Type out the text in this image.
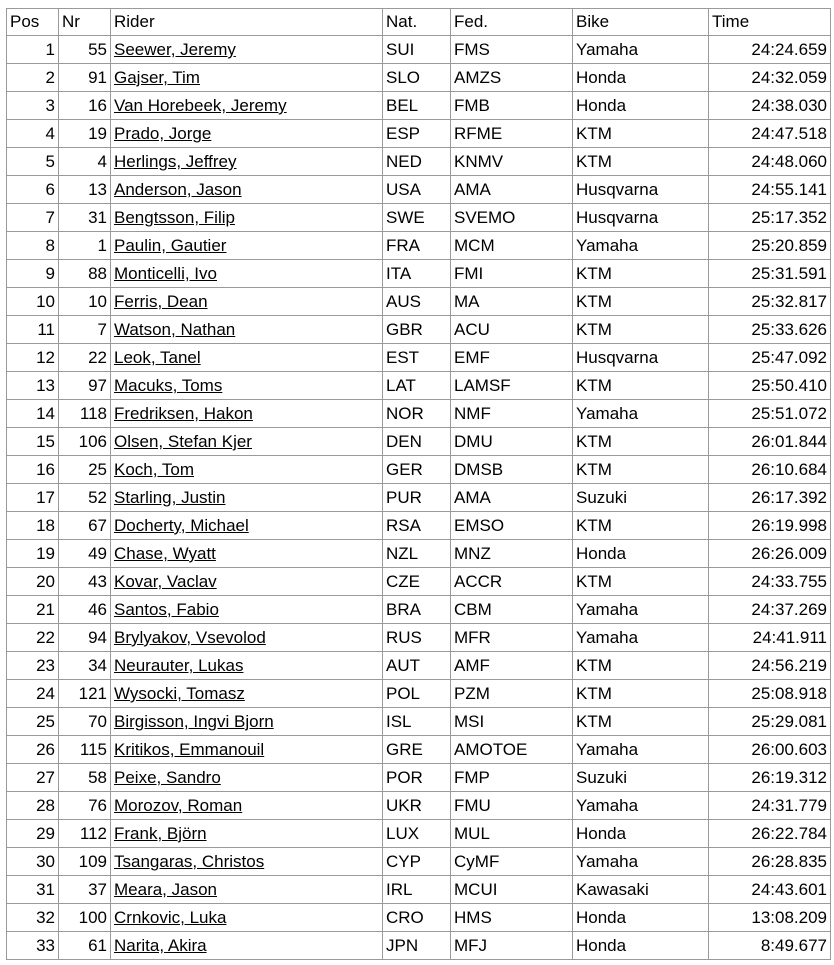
Pos	Nr	Rider	Nat.	Fed.	Bike	Time
1	55	Seewer, Jeremy	SUI	FMS	Yamaha	24:24.659
2	91	Gajser, Tim	SLO	AMZS	Honda	24:32.059
3	16	Van Horebeek, Jeremy	BEL	FMB	Honda	24:38.030
4	19	Prado, Jorge	ESP	RFME	KTM	24:47.518
5	4	Herlings, Jeffrey	NED	KNMV	KTM	24:48.060
6	13	Anderson, Jason	USA	AMA	Husqvarna	24:55.141
7	31	Bengtsson, Filip	SWE	SVEMO	Husqvarna	25:17.352
8	1	Paulin, Gautier	FRA	MCM	Yamaha	25:20.859
9	88	Monticelli, Ivo	ITA	FMI	KTM	25:31.591
10	10	Ferris, Dean	AUS	MA	KTM	25:32.817
11	7	Watson, Nathan	GBR	ACU	KTM	25:33.626
12	22	Leok, Tanel	EST	EMF	Husqvarna	25:47.092
13	97	Macuks, Toms	LAT	LAMSF	KTM	25:50.410
14	118	Fredriksen, Hakon	NOR	NMF	Yamaha	25:51.072
15	106	Olsen, Stefan Kjer	DEN	DMU	KTM	26:01.844
16	25	Koch, Tom	GER	DMSB	KTM	26:10.684
17	52	Starling, Justin	PUR	AMA	Suzuki	26:17.392
18	67	Docherty, Michael	RSA	EMSO	KTM	26:19.998
19	49	Chase, Wyatt	NZL	MNZ	Honda	26:26.009
20	43	Kovar, Vaclav	CZE	ACCR	KTM	24:33.755
21	46	Santos, Fabio	BRA	CBM	Yamaha	24:37.269
22	94	Brylyakov, Vsevolod	RUS	MFR	Yamaha	24:41.911
23	34	Neurauter, Lukas	AUT	AMF	KTM	24:56.219
24	121	Wysocki, Tomasz	POL	PZM	KTM	25:08.918
25	70	Birgisson, Ingvi Bjorn	ISL	MSI	KTM	25:29.081
26	115	Kritikos, Emmanouil	GRE	AMOTOE	Yamaha	26:00.603
27	58	Peixe, Sandro	POR	FMP	Suzuki	26:19.312
28	76	Morozov, Roman	UKR	FMU	Yamaha	24:31.779
29	112	Frank, Björn	LUX	MUL	Honda	26:22.784
30	109	Tsangaras, Christos	CYP	CyMF	Yamaha	26:28.835
31	37	Meara, Jason	IRL	MCUI	Kawasaki	24:43.601
32	100	Crnkovic, Luka	CRO	HMS	Honda	13:08.209
33	61	Narita, Akira	JPN	MFJ	Honda	8:49.677
